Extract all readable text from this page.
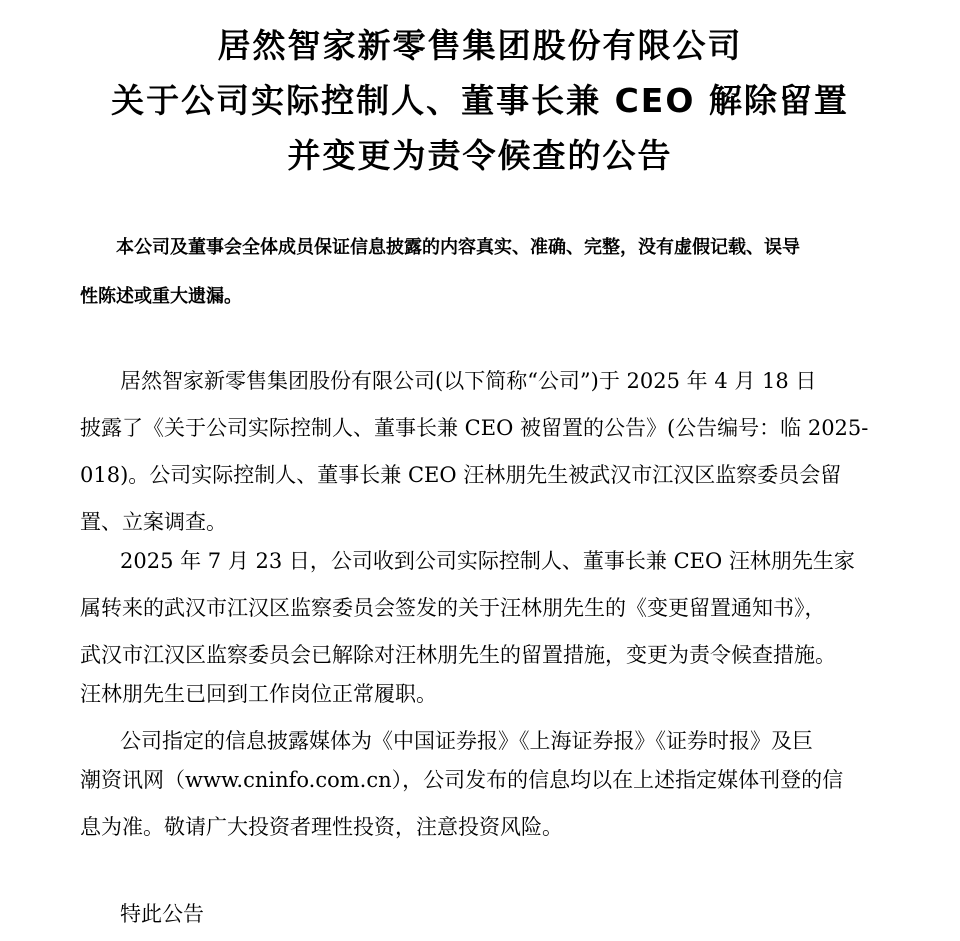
居然智家新零售集团股份有限公司
关于公司实际控制人、董事长兼 CEO 解除留置
并变更为责令候查的公告
本公司及董事会全体成员保证信息披露的内容真实、准确、完整，没有虚假记载、误导
性陈述或重大遗漏。
居然智家新零售集团股份有限公司(以下简称“公司”)于 2025 年 4 月 18 日
披露了《关于公司实际控制人、董事长兼 CEO 被留置的公告》(公告编号：临 2025-
018)。公司实际控制人、董事长兼 CEO 汪林朋先生被武汉市江汉区监察委员会留
置、立案调查。
2025 年 7 月 23 日，公司收到公司实际控制人、董事长兼 CEO 汪林朋先生家
属转来的武汉市江汉区监察委员会签发的关于汪林朋先生的《变更留置通知书》，
武汉市江汉区监察委员会已解除对汪林朋先生的留置措施，变更为责令候查措施。
汪林朋先生已回到工作岗位正常履职。
公司指定的信息披露媒体为《中国证券报》《上海证券报》《证券时报》及巨
潮资讯网（www.cninfo.com.cn），公司发布的信息均以在上述指定媒体刊登的信
息为准。敬请广大投资者理性投资，注意投资风险。
特此公告
